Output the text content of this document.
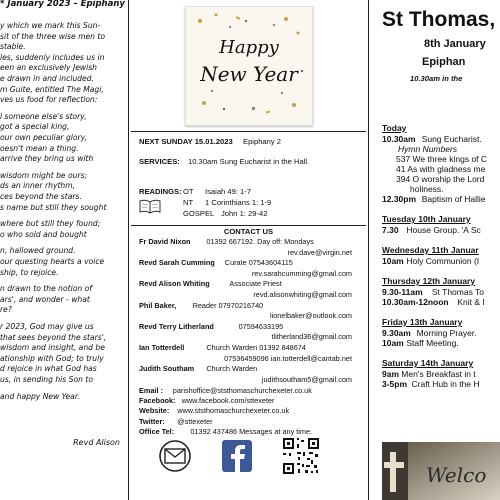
* January 2023 – Epiphany
y which we mark this Sun-
sit of the three wise men to
stable.
les, suddenly includes us in
een an exclusively Jewish
e drawn in and included.
m Guite, entitled The Magi,
ves us food for reflection:
l someone else's story,
got a special king,
our own peculiar glory,
oesn't mean a thing.
arrive they bring us with
wisdom might be ours;
ds an inner rhythm,
ces beyond the stars.
s name but still they sought
where but still they found;
o who sold and bought
n, hallowed ground.
our questing hearts a voice
ship, to rejoice.
n drawn to the notion of
ars', and wonder - what
re?
r 2023, God may give us
that sees beyond the stars',
wisdom and insight, and be
ationship with God; to truly
d rejoice in what God has
us, in sending his Son to
and happy New Year.
Revd Alison
Happy
New Year
NEXT SUNDAY 15.01.2023 Epiphany 2
SERVICES: 10.30am Sung Eucharist in the Hall.
READINGS: OT Isaiah 49: 1-7
NT 1 Corinthians 1: 1-9
GOSPEL John 1: 29-42
CONTACT US
Fr David Nixon 01392 667192. Day off: Mondays
rev.dave@virgin.net
Revd Sarah Cumming Curate 07543604115
rev.sarahcumming@gmail.com
Revd Alison Whiting	Associate Priest
revd.alisonwhiting@gmail.com
Phil Baker, Reader 07970216740
lionelbaker@outlook.com
Revd Terry Litherland	07594633195
tlitherland36@gmail.com
Ian Totterdell	Church Warden 01392 848674
07536459096 ian.totterdell@cantab.net
Judith Southam Church Warden
judithsoutham5@gmail.com
Email : parishoffice@ststhomaschurchexeter.co.uk
Facebook: www.facebook.com/sttexeter
Website: www.ststhomaschurchexeter.co.uk
Twitter: @sttexeter
Office Tel: 01392 437486 Messages at any time.
St Thomas,
8th January
Epiphan
10.30am in the
Today
10.30am Sung Eucharist.
Hymn Numbers
537 We three kings of C
41 As with gladness me
394 O worship the Lord
holiness.
12.30pm Baptism of Hallie
Tuesday 10th January
7.30 House Group. 'A Sc
Wednesday 11th Januar
10am Holy Communion (I
Thursday 12th January
9.30-11am St Thomas To
10.30am-12noon Knit & I
Friday 13th January
9.30am Morning Prayer.
10am Staff Meeting.
Saturday 14th January
9am Men's Breakfast in t
3-5pm Craft Hub in the H
Welco
